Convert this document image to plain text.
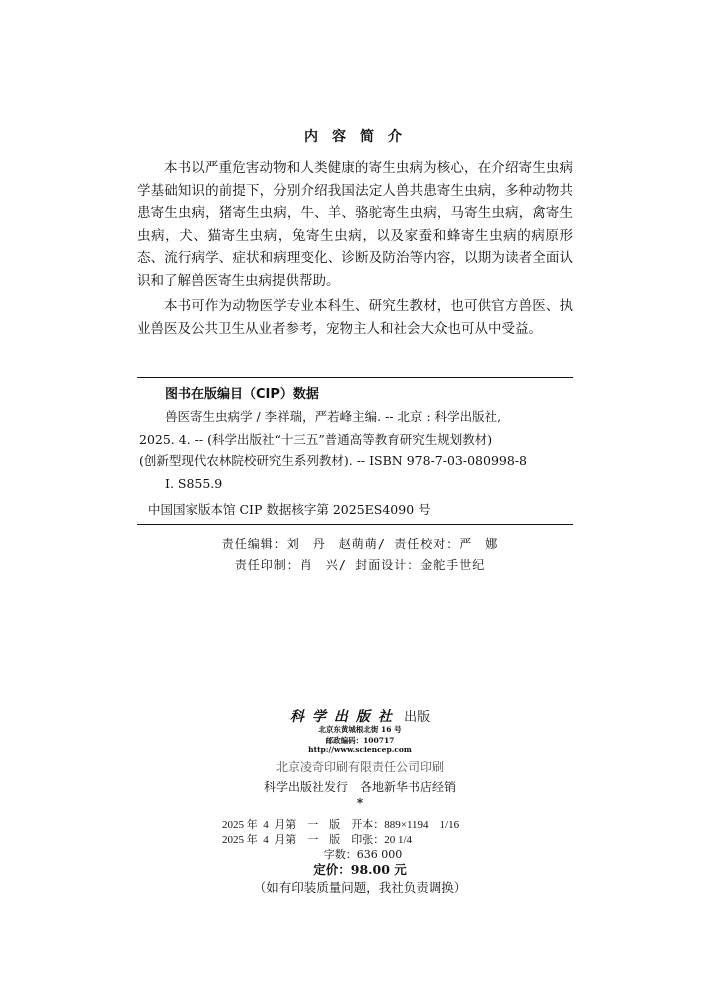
内容简介

本书以严重危害动物和人类健康的寄生虫病为核心，在介绍寄生虫病学基础知识的前提下，分别介绍我国法定人兽共患寄生虫病，多种动物共患寄生虫病，猪寄生虫病，牛、羊、骆驼寄生虫病，马寄生虫病，禽寄生虫病，犬、猫寄生虫病，兔寄生虫病，以及家蚕和蜂寄生虫病的病原形态、流行病学、症状和病理变化、诊断及防治等内容，以期为读者全面认识和了解兽医寄生虫病提供帮助。

本书可作为动物医学专业本科生、研究生教材，也可供官方兽医、执业兽医及公共卫生从业者参考，宠物主人和社会大众也可从中受益。

图书在版编目（CIP）数据
兽医寄生虫病学 / 李祥瑞，严若峰主编. -- 北京 : 科学出版社,
2025. 4. -- (科学出版社“十三五”普通高等教育研究生规划教材)
(创新型现代农林院校研究生系列教材). -- ISBN 978-7-03-080998-8
Ⅰ. S855.9
中国国家版本馆 CIP 数据核字第 2025ES4090 号
责任编辑：刘　丹　赵萌萌/ 责任校对：严　娜
责任印制：肖　兴/ 封面设计：金舵手世纪
科学出版社 出版
北京东黄城根北街 16 号
邮政编码：100717
http://www.sciencep.com
北京凌奇印刷有限责任公司印刷
科学出版社发行　各地新华书店经销
*
2025 年  4  月第　一　版　开本：889×1194　1/16
2025 年  4  月第　一　版　印张：20 1/4
字数：636 000
定价：98.00 元
（如有印装质量问题，我社负责调换）
